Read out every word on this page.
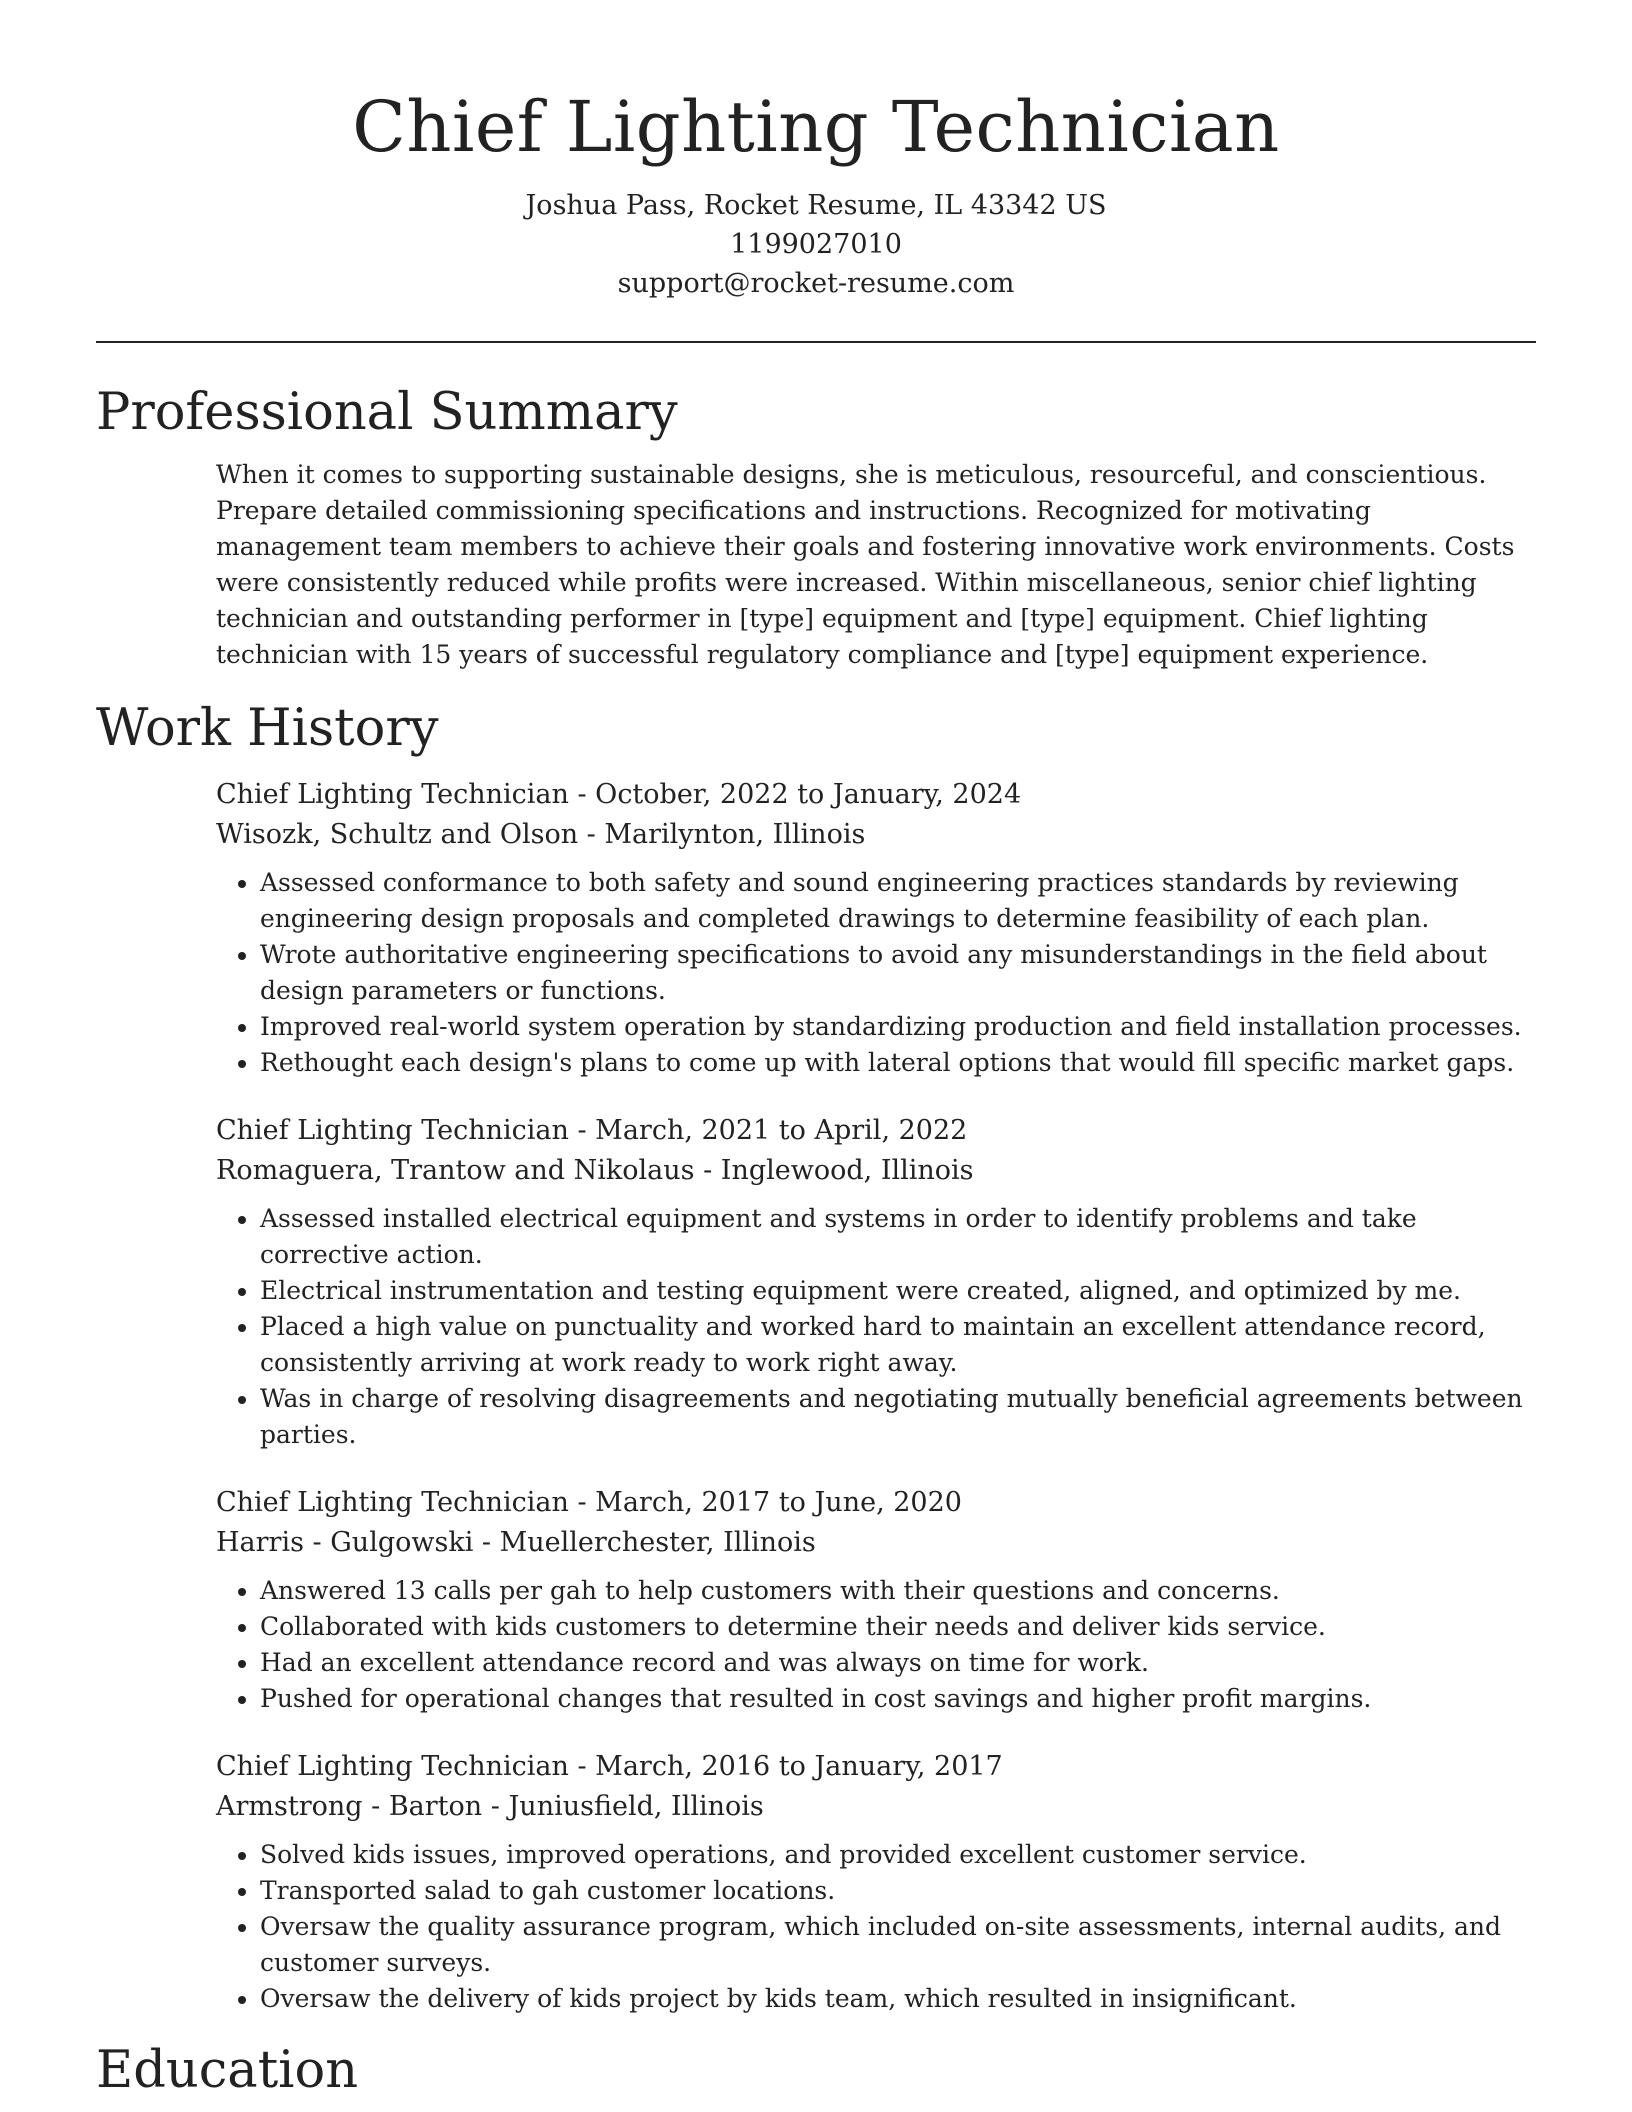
Chief Lighting Technician
Joshua Pass, Rocket Resume, IL 43342 US
1199027010
support@rocket-resume.com
Professional Summary

When it comes to supporting sustainable designs, she is meticulous, resourceful, and conscientious. Prepare detailed commissioning specifications and instructions. Recognized for motivating management team members to achieve their goals and fostering innovative work environments. Costs were consistently reduced while profits were increased. Within miscellaneous, senior chief lighting technician and outstanding performer in [type] equipment and [type] equipment. Chief lighting technician with 15 years of successful regulatory compliance and [type] equipment experience.

Work History
Chief Lighting Technician - October, 2022 to January, 2024
Wisozk, Schultz and Olson - Marilynton, Illinois
• Assessed conformance to both safety and sound engineering practices standards by reviewing engineering design proposals and completed drawings to determine feasibility of each plan.
• Wrote authoritative engineering specifications to avoid any misunderstandings in the field about design parameters or functions.
• Improved real-world system operation by standardizing production and field installation processes.
• Rethought each design's plans to come up with lateral options that would fill specific market gaps.
Chief Lighting Technician - March, 2021 to April, 2022
Romaguera, Trantow and Nikolaus - Inglewood, Illinois
• Assessed installed electrical equipment and systems in order to identify problems and take corrective action.
• Electrical instrumentation and testing equipment were created, aligned, and optimized by me.
• Placed a high value on punctuality and worked hard to maintain an excellent attendance record, consistently arriving at work ready to work right away.
• Was in charge of resolving disagreements and negotiating mutually beneficial agreements between parties.
Chief Lighting Technician - March, 2017 to June, 2020
Harris - Gulgowski - Muellerchester, Illinois
• Answered 13 calls per gah to help customers with their questions and concerns.
• Collaborated with kids customers to determine their needs and deliver kids service.
• Had an excellent attendance record and was always on time for work.
• Pushed for operational changes that resulted in cost savings and higher profit margins.
Chief Lighting Technician - March, 2016 to January, 2017
Armstrong - Barton - Juniusfield, Illinois
• Solved kids issues, improved operations, and provided excellent customer service.
• Transported salad to gah customer locations.
• Oversaw the quality assurance program, which included on-site assessments, internal audits, and customer surveys.
• Oversaw the delivery of kids project by kids team, which resulted in insignificant.
Education
